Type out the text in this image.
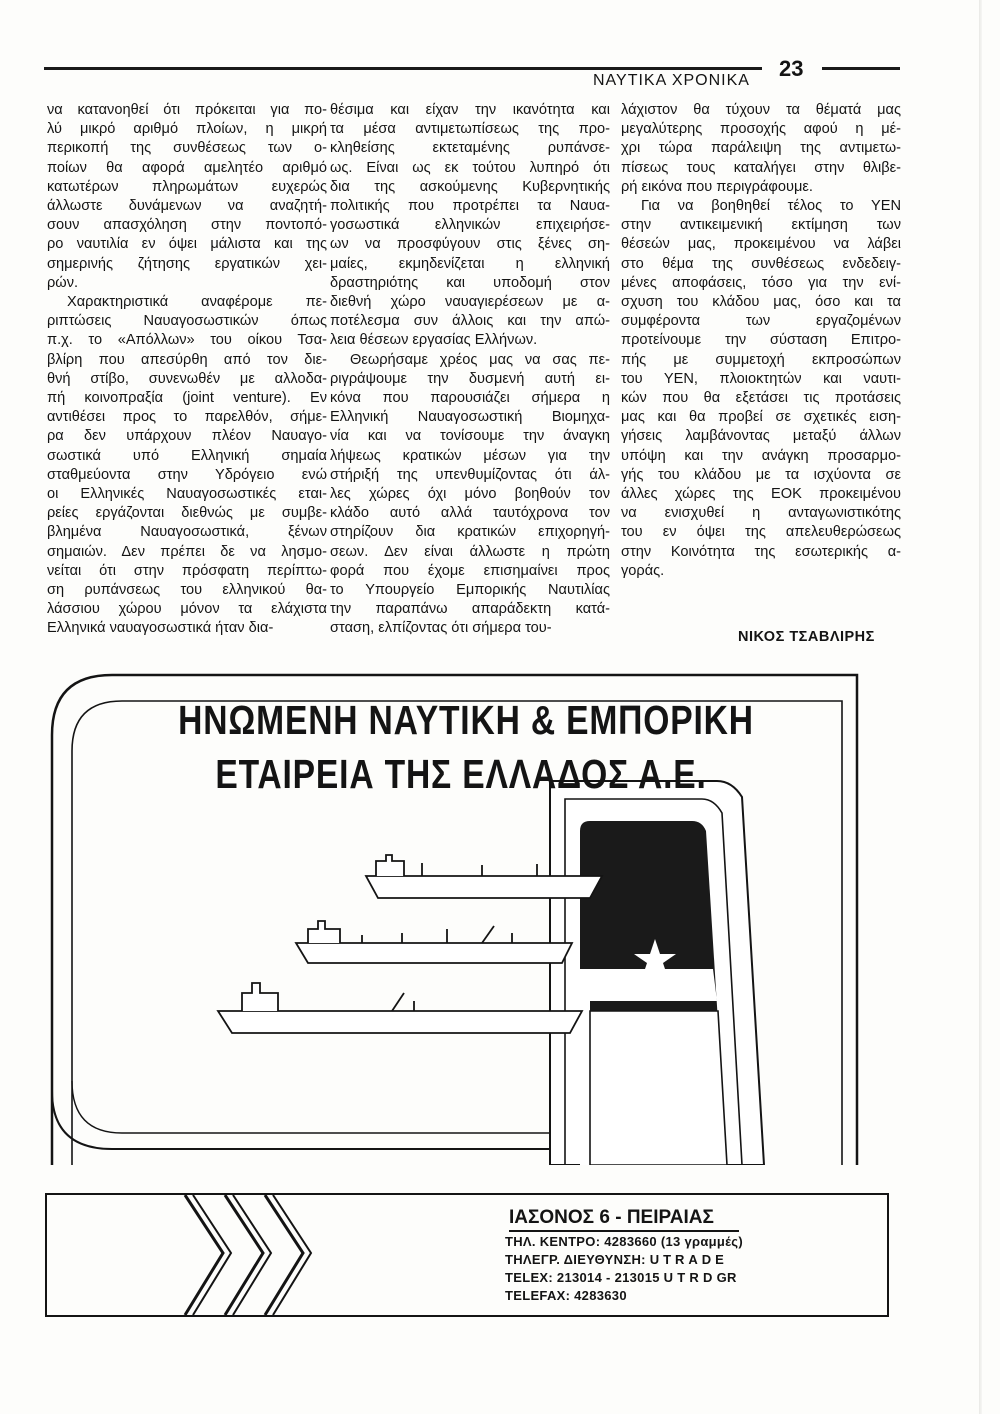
ΝΑΥΤΙΚΑ ΧΡΟΝΙΚΑ 23

να κατανοηθεί ότι πρόκειται για πο-

λύ μικρό αριθμό πλοίων, η μικρή

περικοπή της συνθέσεως των ο-

ποίων θα αφορά αμελητέο αριθμό

κατωτέρων πληρωμάτων ευχερώς

άλλωστε δυνάμενων να αναζητή-

σουν απασχόληση στην ποντοπό-

ρο ναυτιλία εν όψει μάλιστα και της

σημερινής ζήτησης εργατικών χει-

ρών.

Χαρακτηριστικά αναφέρομε πε-

ριπτώσεις Ναυαγοσωστικών όπως

π.χ. το «Απόλλων» του οίκου Τσα-

βλίρη που απεσύρθη από τον διε-

θνή στίβο, συνενωθέν με αλλοδα-

πή κοινοπραξία (joint venture). Εν

αντιθέσει προς το παρελθόν, σήμε-

ρα δεν υπάρχουν πλέον Ναυαγο-

σωστικά υπό Ελληνική σημαία

σταθμεύοντα στην Υδρόγειο ενώ

οι Ελληνικές Ναυαγοσωστικές εται-

ρείες εργάζονται διεθνώς με συμβε-

βλημένα Ναυαγοσωστικά, ξένων

σημαιών. Δεν πρέπει δε να λησμο-

νείται ότι στην πρόσφατη περίπτω-

ση ρυπάνσεως του ελληνικού θα-

λάσσιου χώρου μόνον τα ελάχιστα

Ελληνικά ναυαγοσωστικά ήταν δια-

θέσιμα και είχαν την ικανότητα και

τα μέσα αντιμετωπίσεως της προ-

κληθείσης εκτεταμένης ρυπάνσε-

ως. Είναι ως εκ τούτου λυπηρό ότι

δια της ασκούμενης Κυβερνητικής

πολιτικής που προτρέπει τα Ναυα-

γοσωστικά ελληνικών επιχειρήσε-

ων να προσφύγουν στις ξένες ση-

μαίες, εκμηδενίζεται η ελληνική

δραστηριότης και υποδομή στον

διεθνή χώρο ναυαγιερέσεων με α-

ποτέλεσμα συν άλλοις και την απώ-

λεια θέσεων εργασίας Ελλήνων.

Θεωρήσαμε χρέος μας να σας πε-

ριγράψουμε την δυσμενή αυτή ει-

κόνα που παρουσιάζει σήμερα η

Ελληνική Ναυαγοσωστική Βιομηχα-

νία και να τονίσουμε την άναγκη

λήψεως κρατικών μέσων για την

στήριξή της υπενθυμίζοντας ότι άλ-

λες χώρες όχι μόνο βοηθούν τον

κλάδο αυτό αλλά ταυτόχρονα τον

στηρίζουν δια κρατικών επιχορηγή-

σεων. Δεν είναι άλλωστε η πρώτη

φορά που έχομε επισημαίνει προς

το Υπουργείο Εμπορικής Ναυτιλίας

την παραπάνω απαράδεκτη κατά-

σταση, ελπίζοντας ότι σήμερα του-

λάχιστον θα τύχουν τα θέματά μας

μεγαλύτερης προσοχής αφού η μέ-

χρι τώρα παράλειψη της αντιμετω-

πίσεως τους καταλήγει στην θλιβε-

ρή εικόνα που περιγράφουμε.

Για να βοηθηθεί τέλος το ΥΕΝ

στην αντικειμενική εκτίμηση των

θέσεών μας, προκειμένου να λάβει

στο θέμα της συνθέσεως ενδεδειγ-

μένες αποφάσεις, τόσο για την ενί-

σχυση του κλάδου μας, όσο και τα

συμφέροντα των εργαζομένων

προτείνουμε την σύσταση Επιτρο-

πής με συμμετοχή εκπροσώπων

του ΥΕΝ, πλοιοκτητών και ναυτι-

κών που θα εξετάσει τις προτάσεις

μας και θα προβεί σε σχετικές ειση-

γήσεις λαμβάνοντας μεταξύ άλλων

υπόψη και την ανάγκη προσαρμο-

γής του κλάδου με τα ισχύοντα σε

άλλες χώρες της ΕΟΚ προκειμένου

να ενισχυθεί η ανταγωνιστικότης

του εν όψει της απελευθερώσεως

στην Κοινότητα της εσωτερικής α-

γοράς.

ΝΙΚΟΣ ΤΣΑΒΛΙΡΗΣ
ΗΝΩΜΕΝΗ ΝΑΥΤΙΚΗ & ΕΜΠΟΡΙΚΗ
ΕΤΑΙΡΕΙΑ ΤΗΣ ΕΛΛΑΔΟΣ Α.Ε.
ΙΑΣΟΝΟΣ 6 - ΠΕΙΡΑΙΑΣ
ΤΗΛ. ΚΕΝΤΡΟ: 4283660 (13 γραμμές)
ΤΗΛΕΓΡ. ΔΙΕΥΘΥΝΣΗ: UTRADE
TELEX: 213014 - 213015 U T R D GR
TELEFAX: 4283630
